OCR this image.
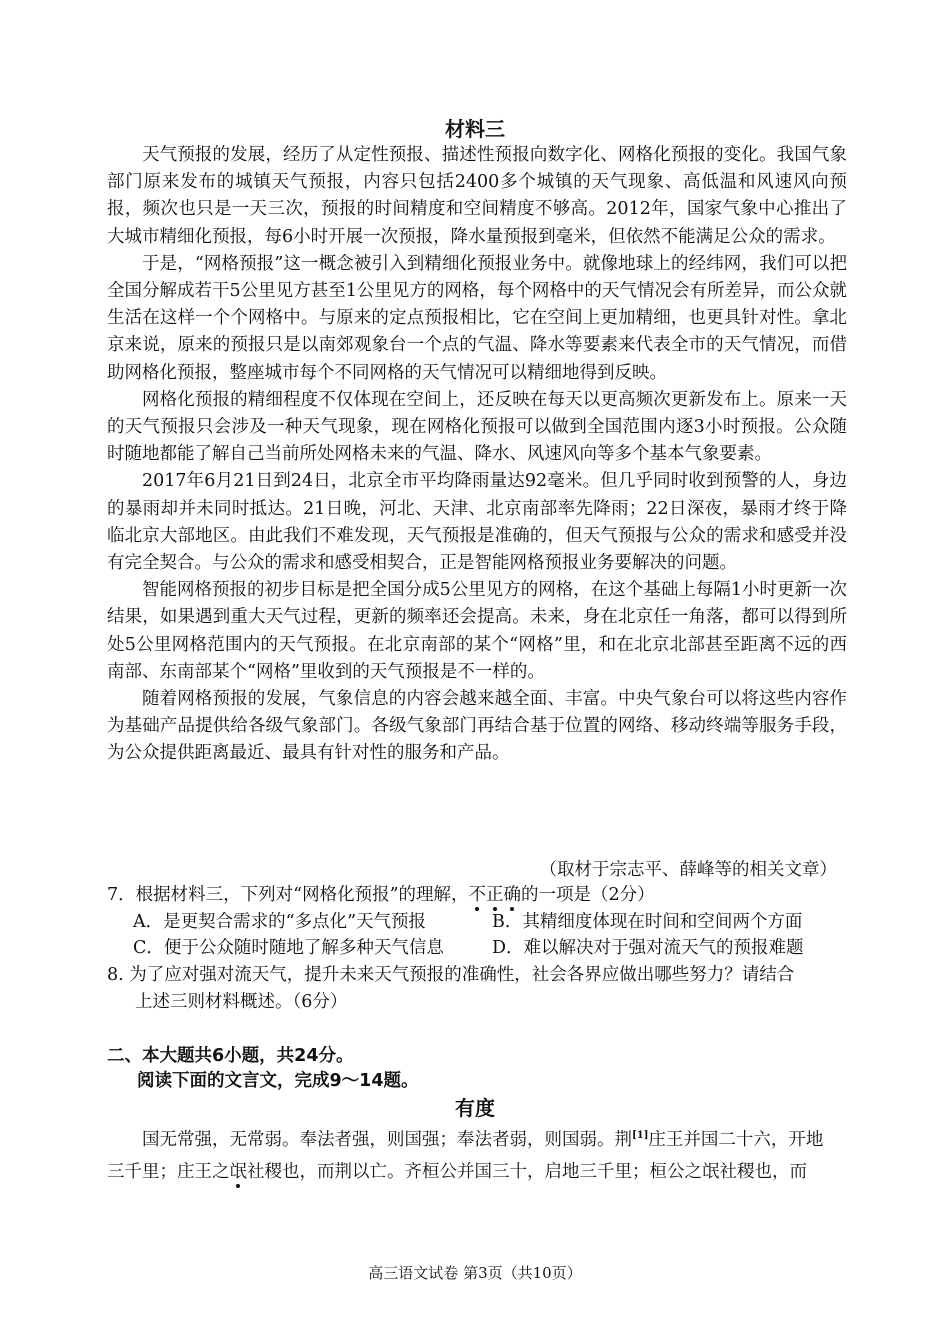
材料三

天气预报的发展，经历了从定性预报、描述性预报向数字化、网格化预报的变化。我国气象部门原来发布的城镇天气预报，内容只包括2400多个城镇的天气现象、高低温和风速风向预报，频次也只是一天三次，预报的时间精度和空间精度不够高。2012年，国家气象中心推出了大城市精细化预报，每6小时开展一次预报，降水量预报到毫米，但依然不能满足公众的需求。

于是，“网格预报”这一概念被引入到精细化预报业务中。就像地球上的经纬网，我们可以把全国分解成若干5公里见方甚至1公里见方的网格，每个网格中的天气情况会有所差异，而公众就生活在这样一个个网格中。与原来的定点预报相比，它在空间上更加精细，也更具针对性。拿北京来说，原来的预报只是以南郊观象台一个点的气温、降水等要素来代表全市的天气情况，而借助网格化预报，整座城市每个不同网格的天气情况可以精细地得到反映。

网格化预报的精细程度不仅体现在空间上，还反映在每天以更高频次更新发布上。原来一天的天气预报只会涉及一种天气现象，现在网格化预报可以做到全国范围内逐3小时预报。公众随时随地都能了解自己当前所处网格未来的气温、降水、风速风向等多个基本气象要素。

2017年6月21日到24日，北京全市平均降雨量达92毫米。但几乎同时收到预警的人，身边的暴雨却并未同时抵达。21日晚，河北、天津、北京南部率先降雨；22日深夜，暴雨才终于降临北京大部地区。由此我们不难发现，天气预报是准确的，但天气预报与公众的需求和感受并没有完全契合。与公众的需求和感受相契合，正是智能网格预报业务要解决的问题。

智能网格预报的初步目标是把全国分成5公里见方的网格，在这个基础上每隔1小时更新一次结果，如果遇到重大天气过程，更新的频率还会提高。未来，身在北京任一角落，都可以得到所处5公里网格范围内的天气预报。在北京南部的某个“网格”里，和在北京北部甚至距离不远的西南部、东南部某个“网格”里收到的天气预报是不一样的。

随着网格预报的发展，气象信息的内容会越来越全面、丰富。中央气象台可以将这些内容作为基础产品提供给各级气象部门。各级气象部门再结合基于位置的网络、移动终端等服务手段，为公众提供距离最近、最具有针对性的服务和产品。

（取材于宗志平、薛峰等的相关文章）
7．根据材料三，下列对“网格化预报”的理解，不正确的一项是（2分）
A．是更契合需求的“多点化”天气预报	B．其精细度体现在时间和空间两个方面
C．便于公众随时随地了解多种天气信息	D．难以解决对于强对流天气的预报难题
8. 为了应对强对流天气，提升未来天气预报的准确性，社会各界应做出哪些努力？请结合
上述三则材料概述。（6分）
二、本大题共6小题，共24分。
阅读下面的文言文，完成9～14题。
有度
国无常强，无常弱。奉法者强，则国强；奉法者弱，则国弱。荆[1]庄王并国二十六，开地
三千里；庄王之氓社稷也，而荆以亡。齐桓公并国三十，启地三千里；桓公之氓社稷也，而
高三语文试卷 第3页（共10页）
